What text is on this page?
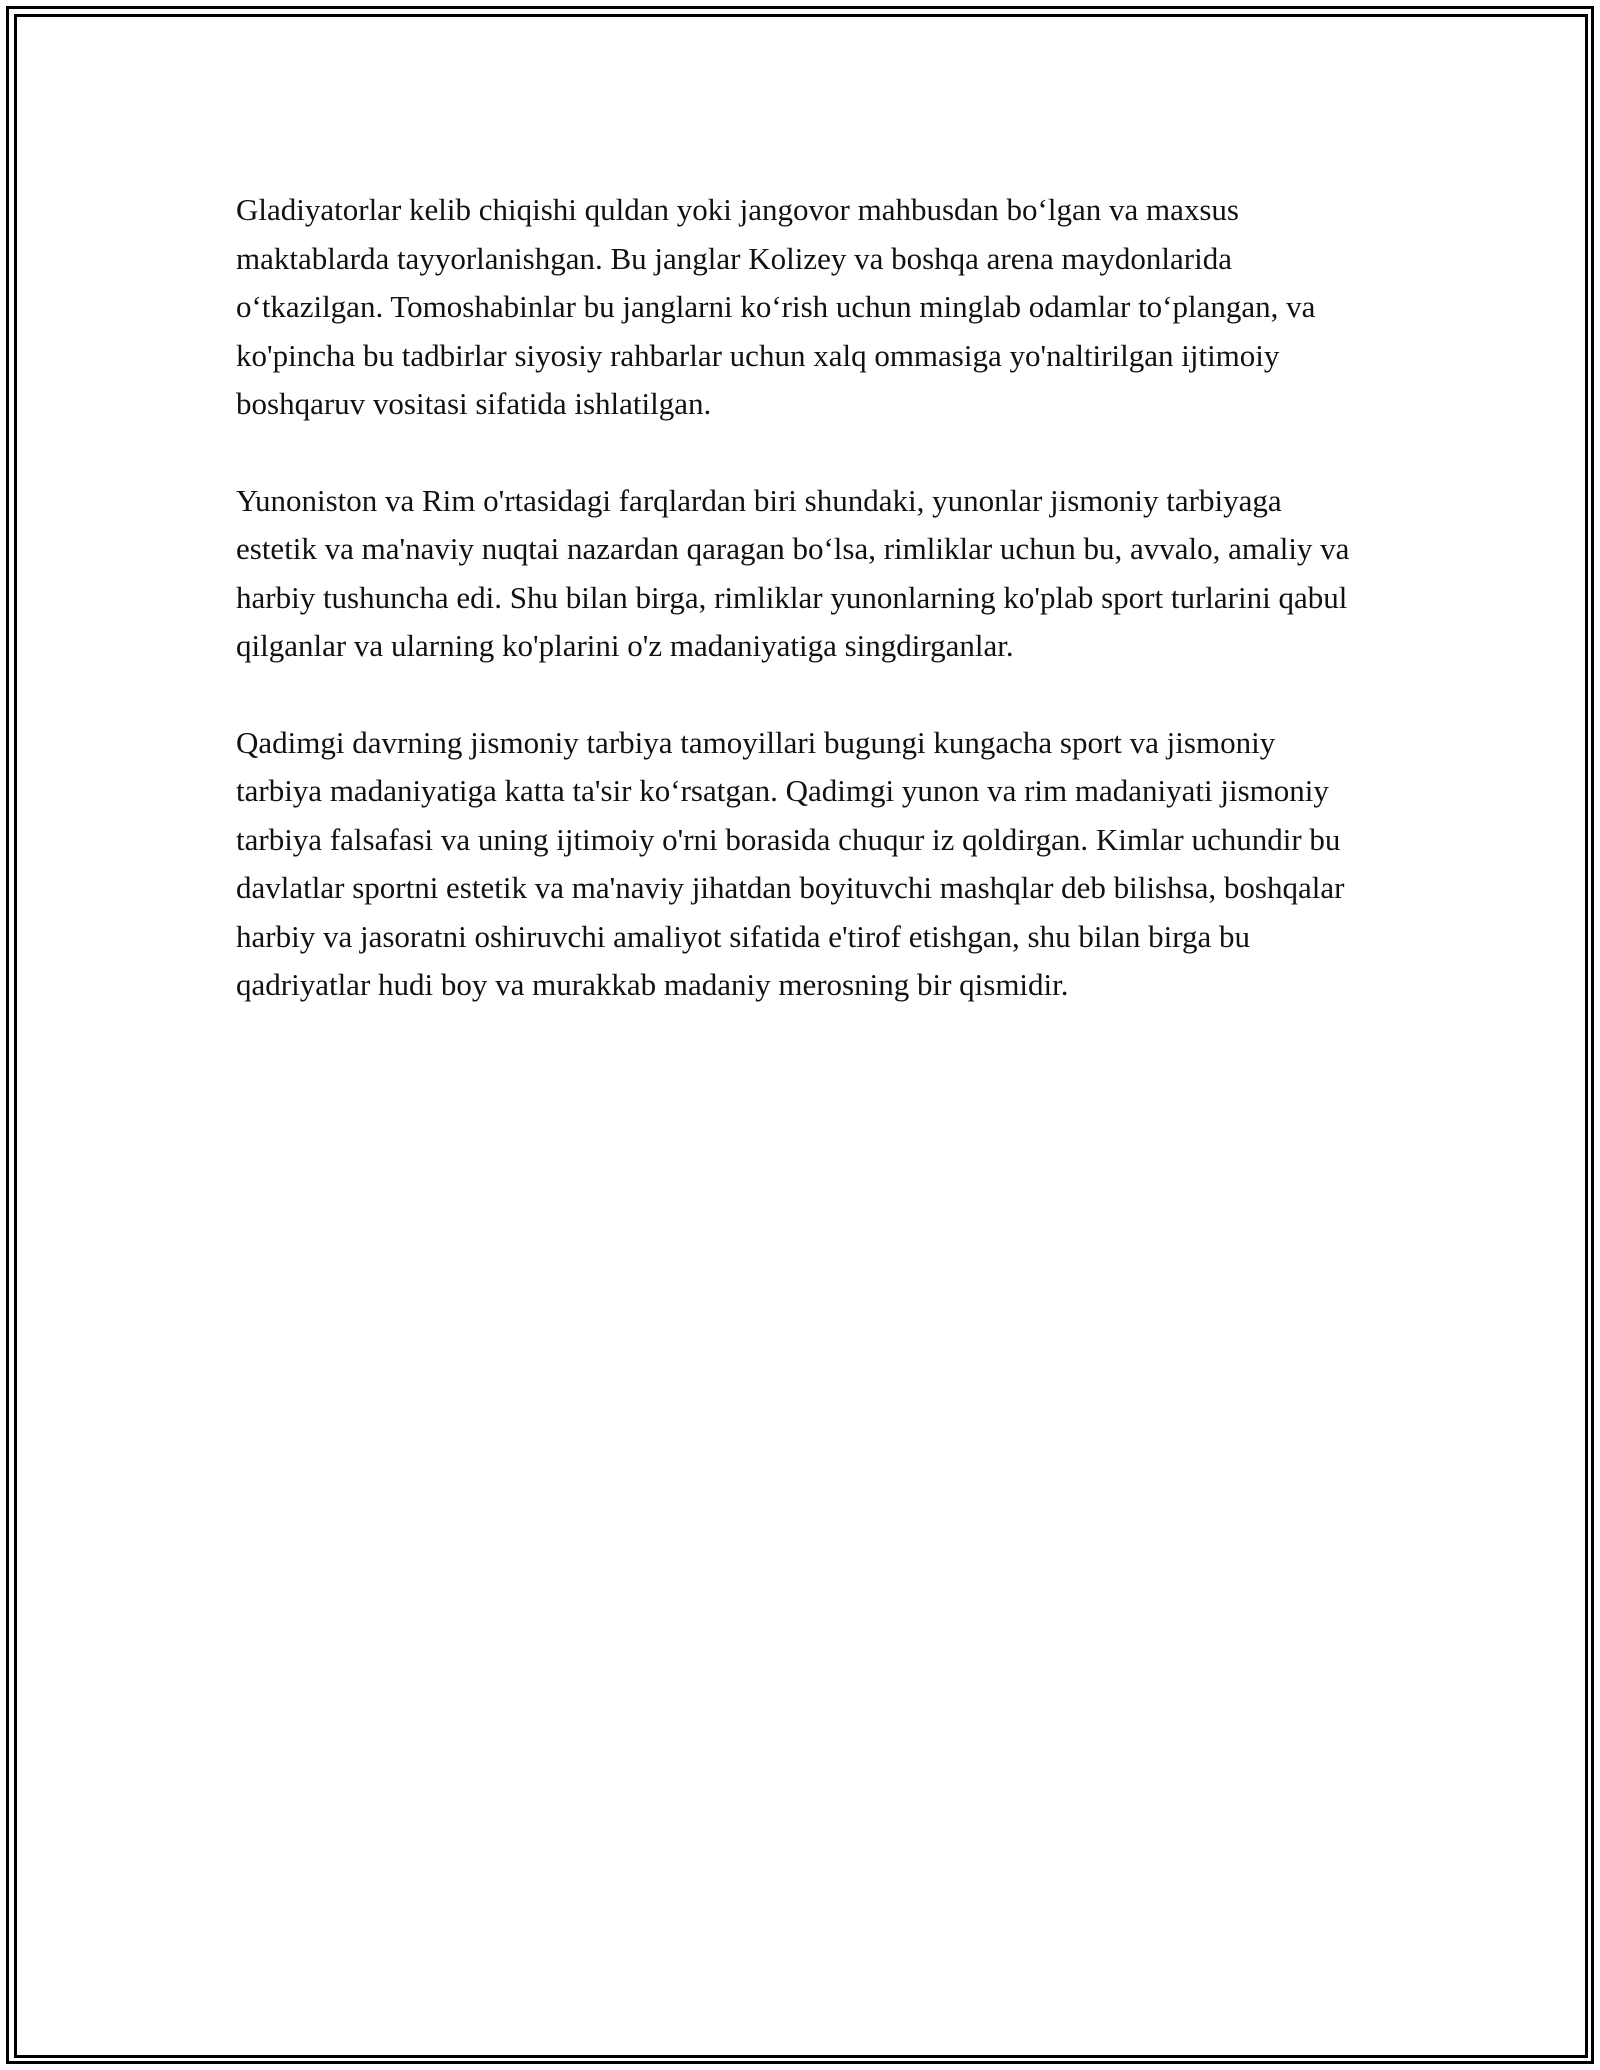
Gladiyatorlar kelib chiqishi quldan yoki jangovor mahbusdan bo‘lgan va maxsus maktablarda tayyorlanishgan. Bu janglar Kolizey va boshqa arena maydonlarida o‘tkazilgan. Tomoshabinlar bu janglarni ko‘rish uchun minglab odamlar to‘plangan, va ko'pincha bu tadbirlar siyosiy rahbarlar uchun xalq ommasiga yo'naltirilgan ijtimoiy boshqaruv vositasi sifatida ishlatilgan.

Yunoniston va Rim o'rtasidagi farqlardan biri shundaki, yunonlar jismoniy tarbiyaga estetik va ma'naviy nuqtai nazardan qaragan bo‘lsa, rimliklar uchun bu, avvalo, amaliy va harbiy tushuncha edi. Shu bilan birga, rimliklar yunonlarning ko'plab sport turlarini qabul qilganlar va ularning ko'plarini o'z madaniyatiga singdirganlar.

Qadimgi davrning jismoniy tarbiya tamoyillari bugungi kungacha sport va jismoniy tarbiya madaniyatiga katta ta'sir ko‘rsatgan. Qadimgi yunon va rim madaniyati jismoniy tarbiya falsafasi va uning ijtimoiy o'rni borasida chuqur iz qoldirgan. Kimlar uchundir bu davlatlar sportni estetik va ma'naviy jihatdan boyituvchi mashqlar deb bilishsa, boshqalar harbiy va jasoratni oshiruvchi amaliyot sifatida e'tirof etishgan, shu bilan birga bu qadriyatlar hudi boy va murakkab madaniy merosning bir qismidir.
